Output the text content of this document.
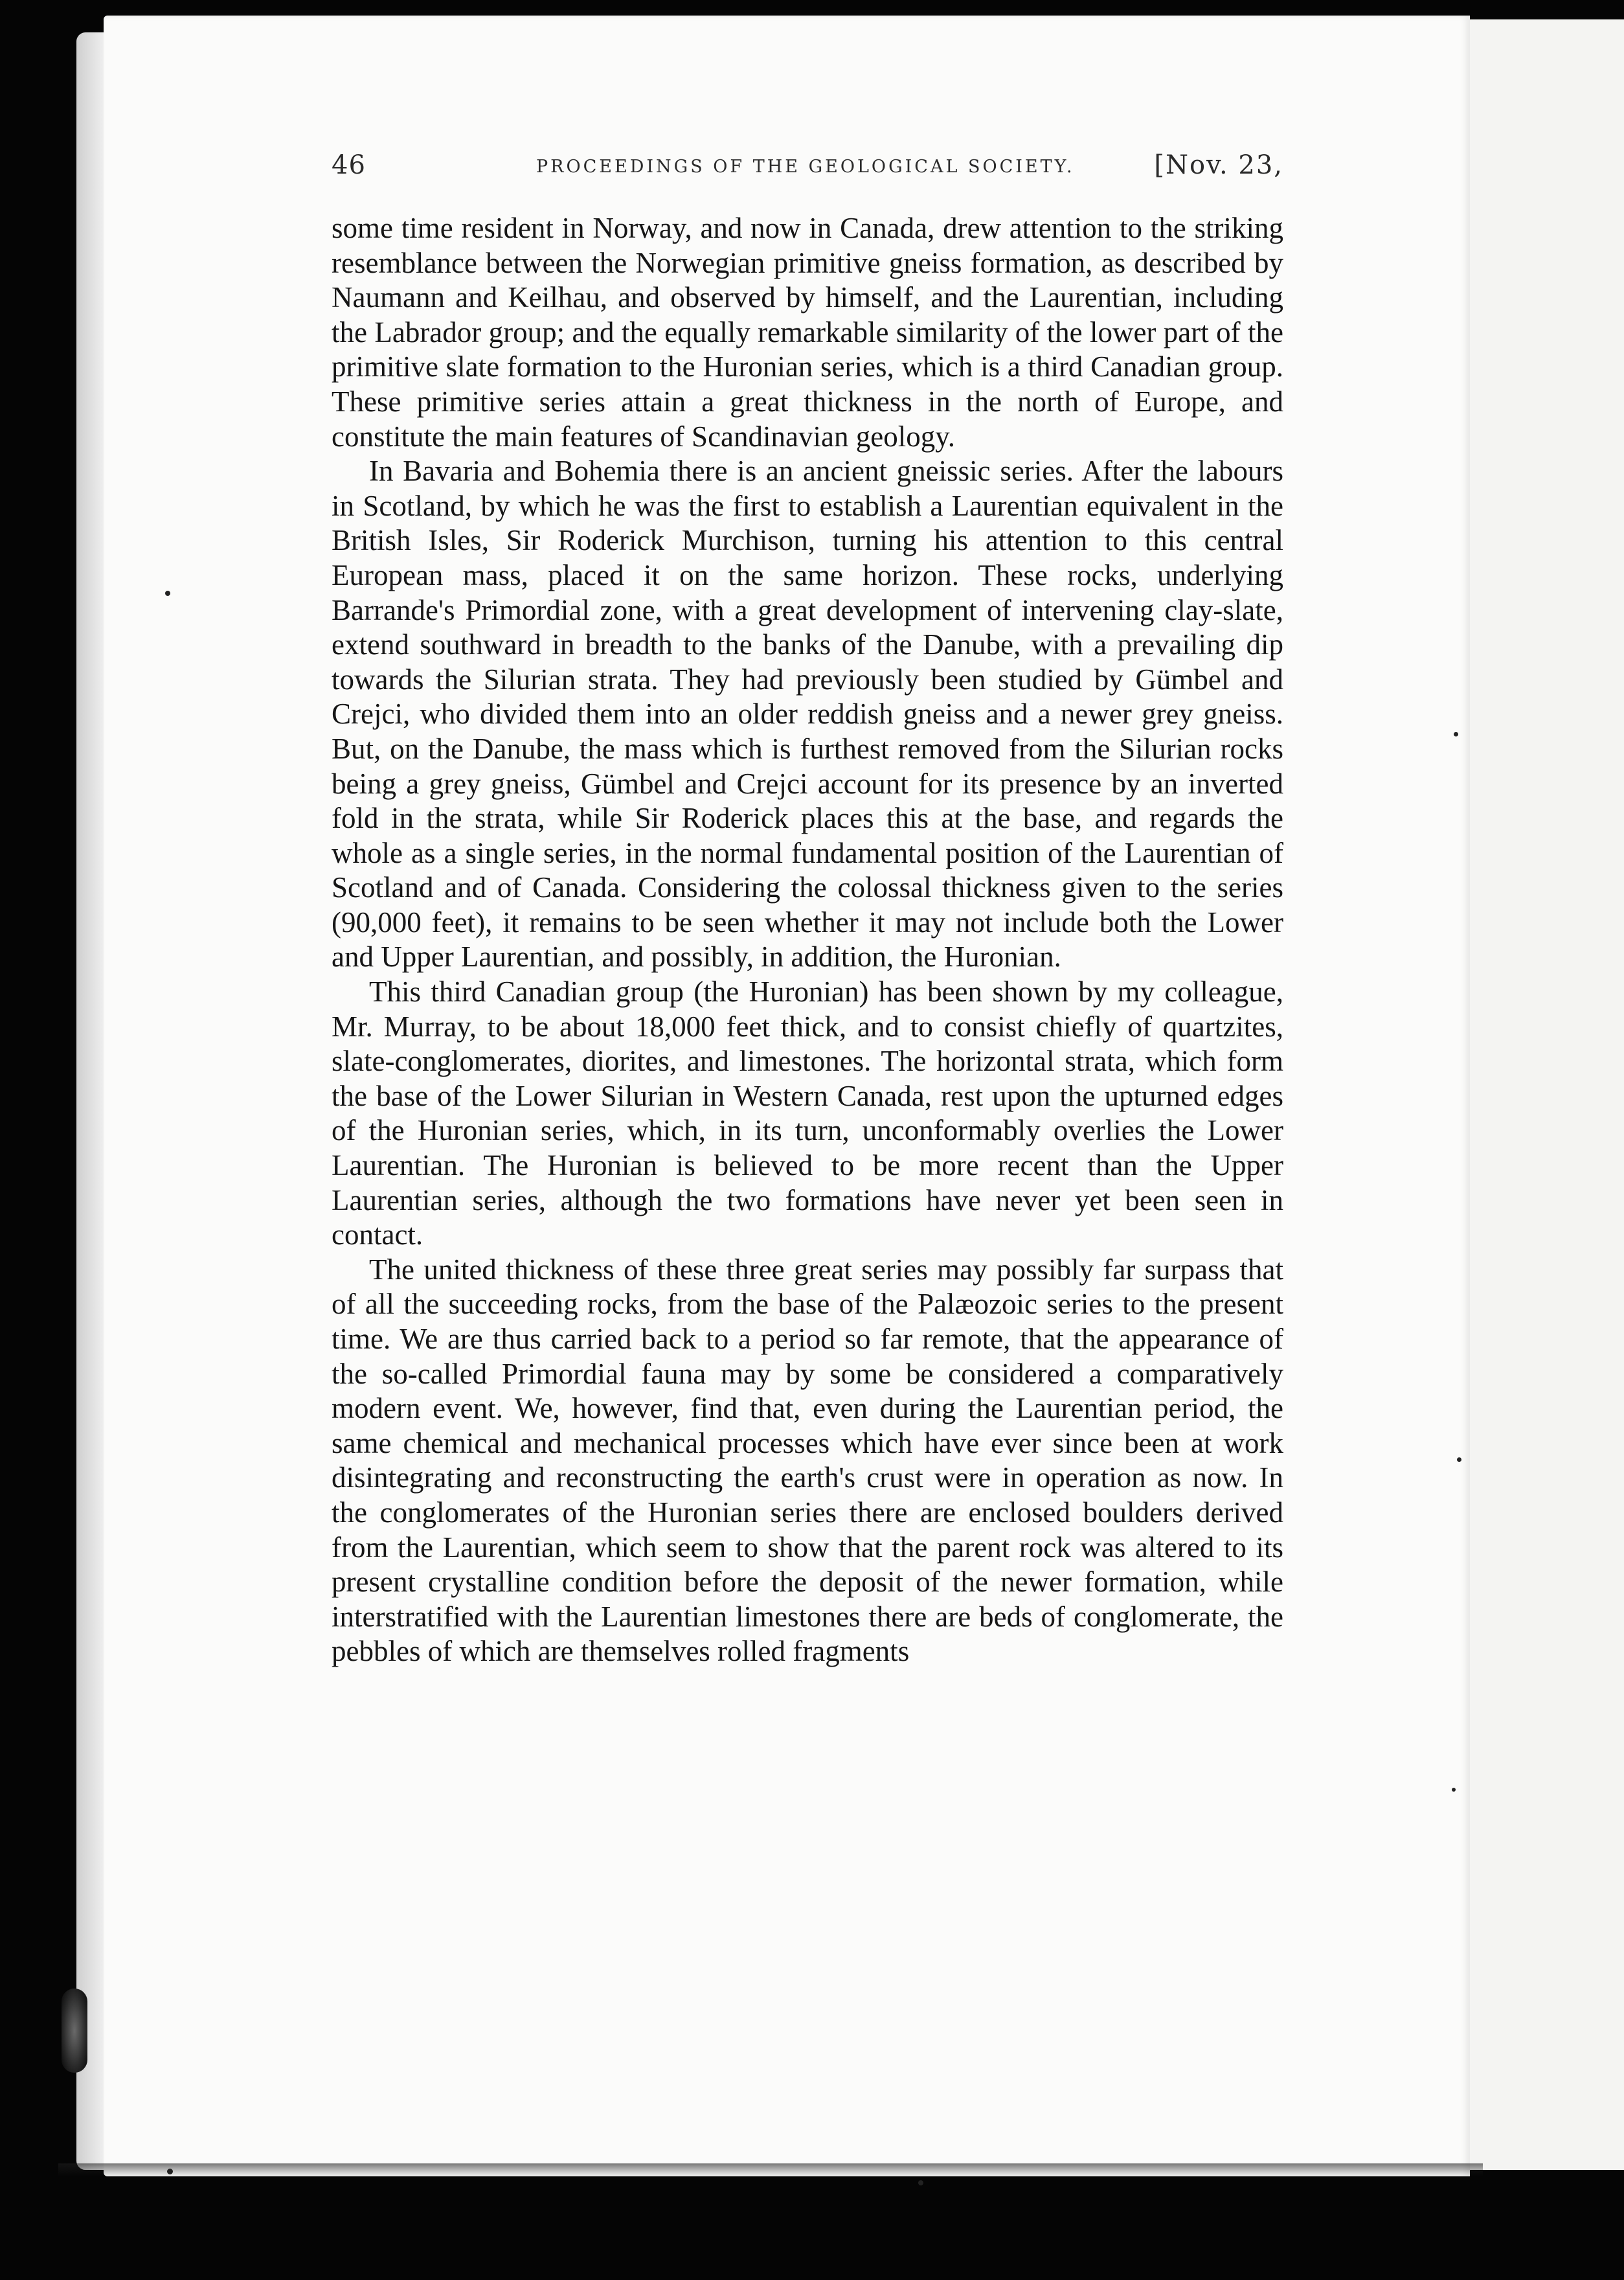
46	PROCEEDINGS OF THE GEOLOGICAL SOCIETY.	[Nov. 23,

some time resident in Norway, and now in Canada, drew attention to the striking resemblance between the Norwegian primitive gneiss formation, as described by Naumann and Keilhau, and observed by himself, and the Laurentian, including the Labrador group; and the equally remarkable similarity of the lower part of the primitive slate formation to the Huronian series, which is a third Canadian group. These primitive series attain a great thickness in the north of Europe, and constitute the main features of Scandinavian geology.

In Bavaria and Bohemia there is an ancient gneissic series. After the labours in Scotland, by which he was the first to establish a Laurentian equivalent in the British Isles, Sir Roderick Murchison, turning his attention to this central European mass, placed it on the same horizon. These rocks, underlying Barrande's Primordial zone, with a great development of intervening clay-slate, extend southward in breadth to the banks of the Danube, with a prevailing dip towards the Silurian strata. They had previously been studied by Gümbel and Crejci, who divided them into an older reddish gneiss and a newer grey gneiss. But, on the Danube, the mass which is furthest removed from the Silurian rocks being a grey gneiss, Gümbel and Crejci account for its presence by an inverted fold in the strata, while Sir Roderick places this at the base, and regards the whole as a single series, in the normal fundamental position of the Laurentian of Scotland and of Canada. Considering the colossal thickness given to the series (90,000 feet), it remains to be seen whether it may not include both the Lower and Upper Laurentian, and possibly, in addition, the Huronian.

This third Canadian group (the Huronian) has been shown by my colleague, Mr. Murray, to be about 18,000 feet thick, and to consist chiefly of quartzites, slate-conglomerates, diorites, and limestones. The horizontal strata, which form the base of the Lower Silurian in Western Canada, rest upon the upturned edges of the Huronian series, which, in its turn, unconformably overlies the Lower Laurentian. The Huronian is believed to be more recent than the Upper Laurentian series, although the two formations have never yet been seen in contact.

The united thickness of these three great series may possibly far surpass that of all the succeeding rocks, from the base of the Palæozoic series to the present time. We are thus carried back to a period so far remote, that the appearance of the so-called Primordial fauna may by some be considered a comparatively modern event. We, however, find that, even during the Laurentian period, the same chemical and mechanical processes which have ever since been at work disintegrating and reconstructing the earth's crust were in operation as now. In the conglomerates of the Huronian series there are enclosed boulders derived from the Laurentian, which seem to show that the parent rock was altered to its present crystalline condition before the deposit of the newer formation, while interstratified with the Laurentian limestones there are beds of conglomerate, the pebbles of which are themselves rolled fragments
